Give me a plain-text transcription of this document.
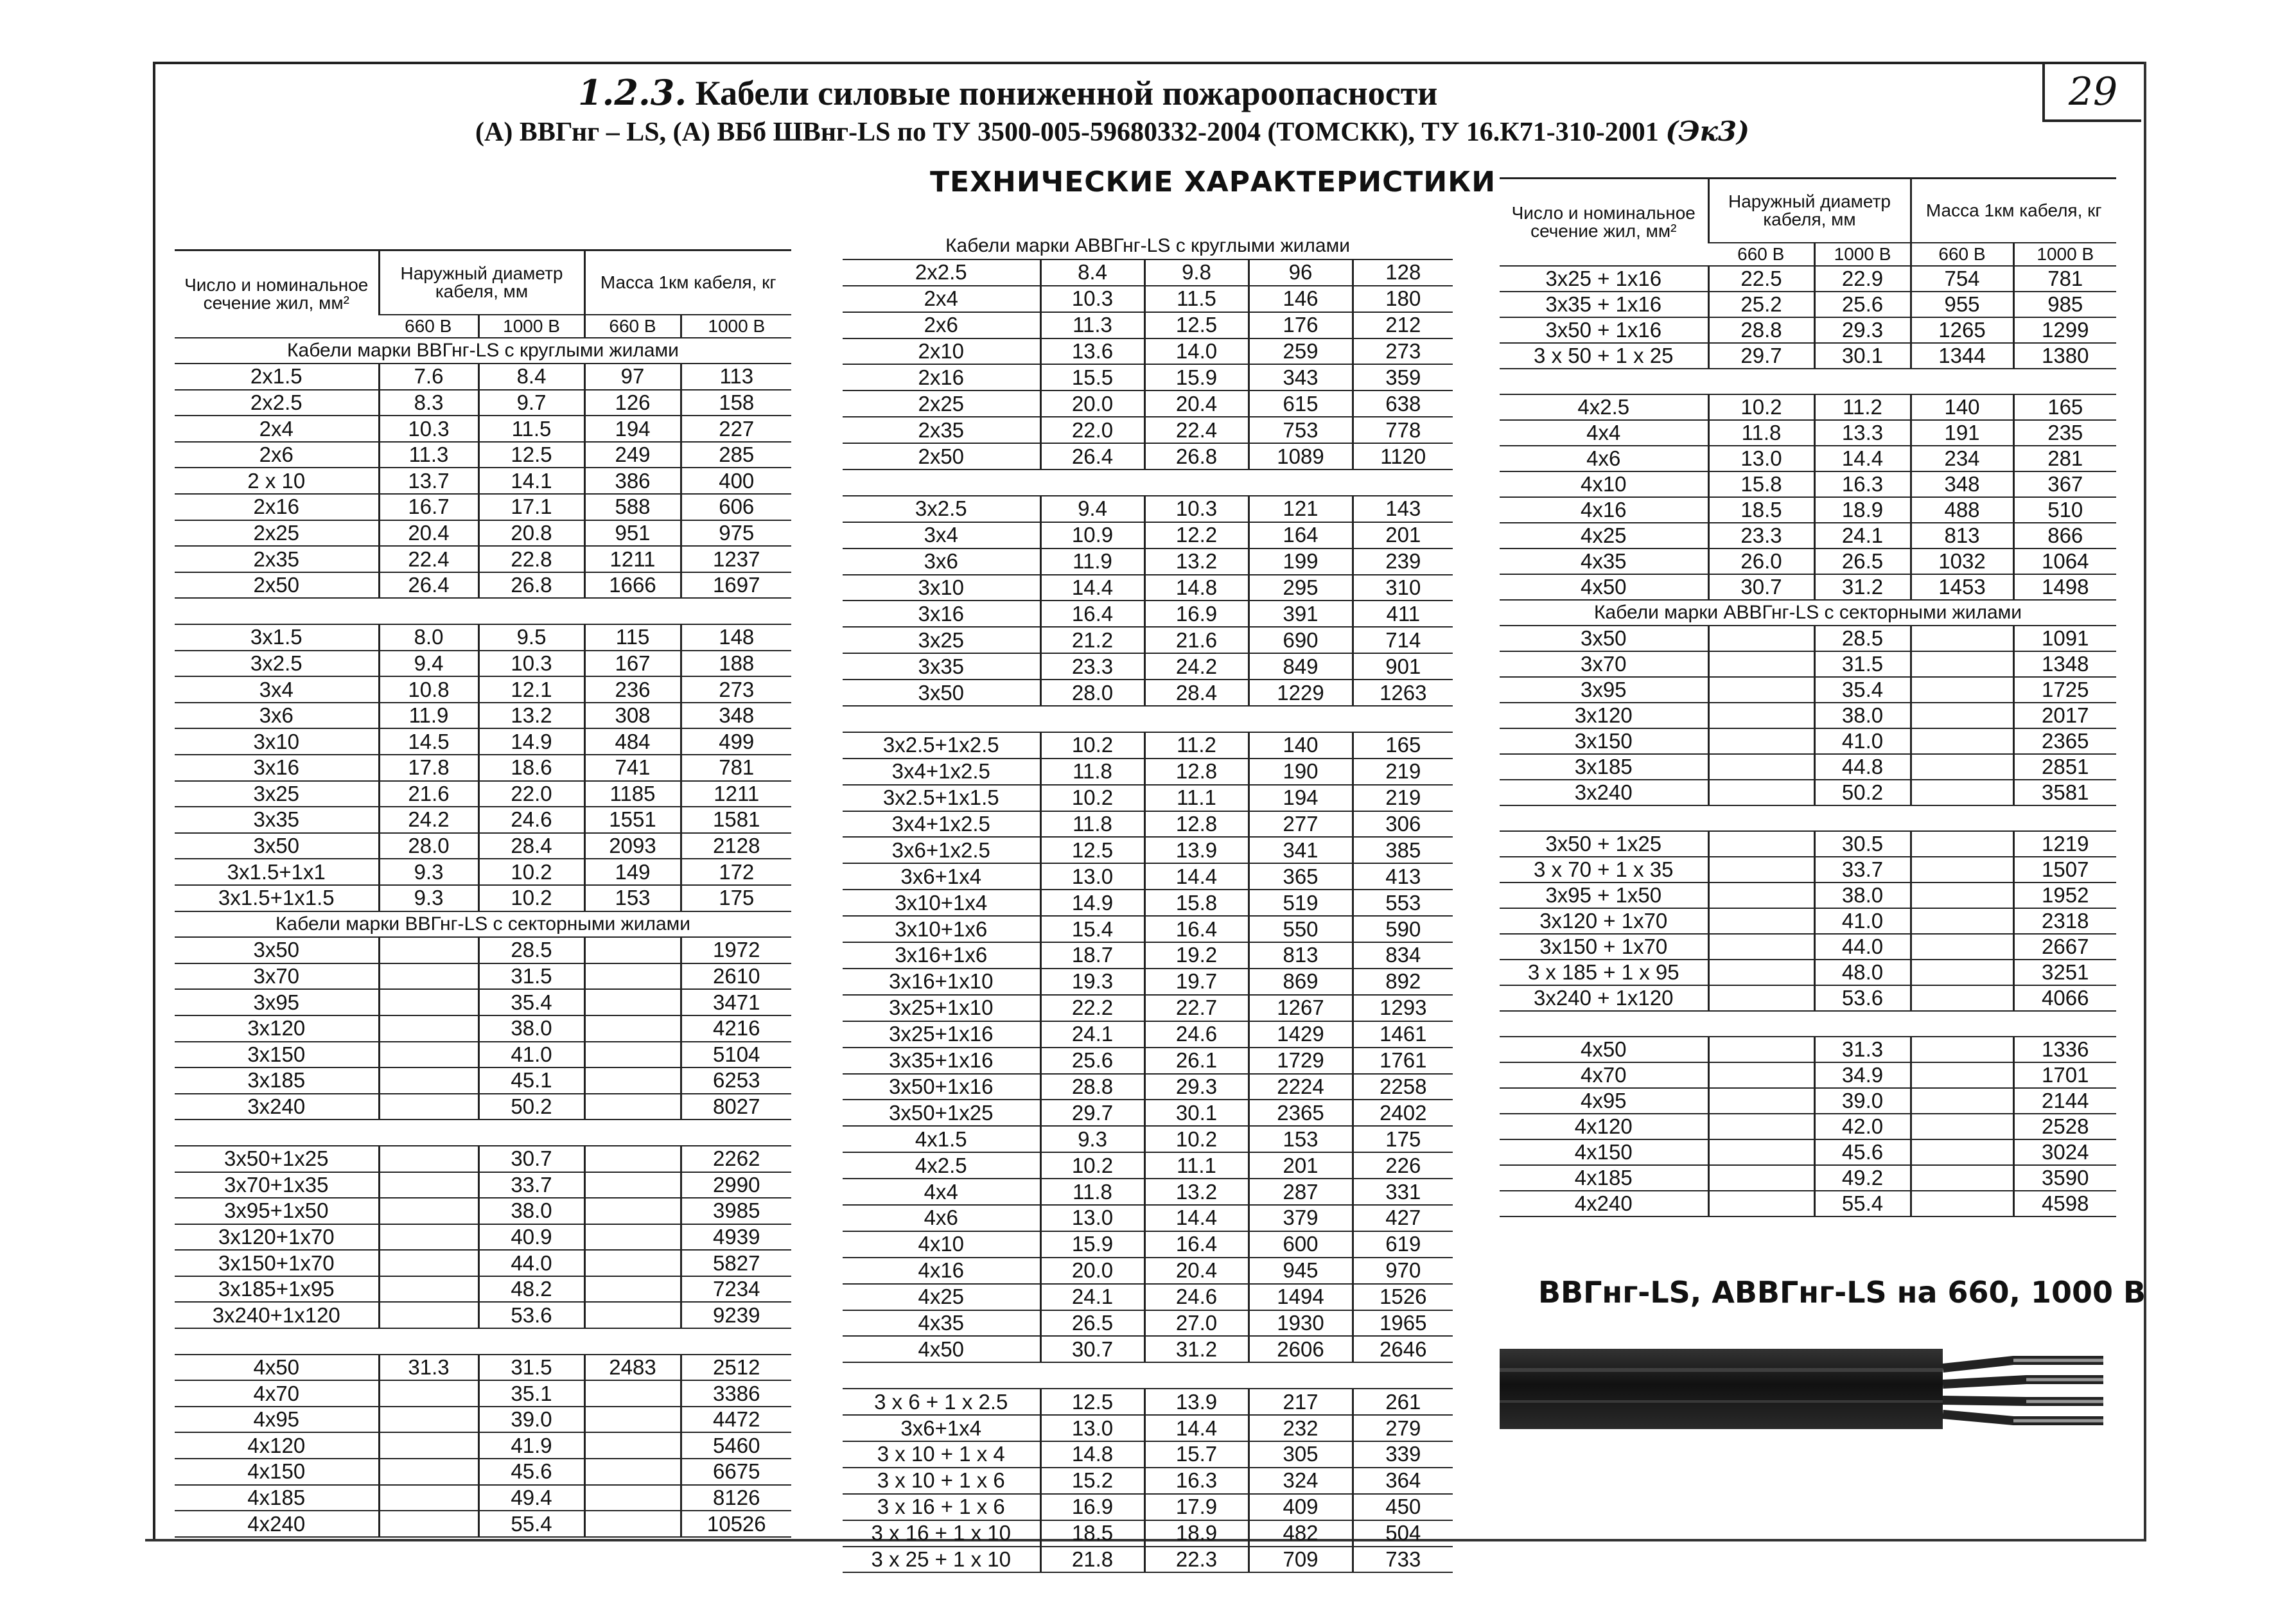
1.2.3. Кабели силовые пониженной пожароопасности
(А) ВВГнг – LS, (А) ВБб ШВнг-LS по ТУ 3500-005-59680332-2004 (ТОМСКК), ТУ 16.К71-310-2001 (Эк3)
29
ТЕХНИЧЕСКИЕ ХАРАКТЕРИСТИКИ
Число и номинальное сечение жил, мм²	Наружный диаметр кабеля, мм		Масса 1км кабеля, кг	
	660 В	1000 В	660 В	1000 В
Кабели марки ВВГнг-LS с круглыми жилами				
2x1.5	7.6	8.4	97	113
2x2.5	8.3	9.7	126	158
2x4	10.3	11.5	194	227
2x6	11.3	12.5	249	285
2 x 10	13.7	14.1	386	400
2x16	16.7	17.1	588	606
2x25	20.4	20.8	951	975
2x35	22.4	22.8	1211	1237
2x50	26.4	26.8	1666	1697

3x1.5	8.0	9.5	115	148
3x2.5	9.4	10.3	167	188
3x4	10.8	12.1	236	273
3x6	11.9	13.2	308	348
3x10	14.5	14.9	484	499
3x16	17.8	18.6	741	781
3x25	21.6	22.0	1185	1211
3x35	24.2	24.6	1551	1581
3x50	28.0	28.4	2093	2128
3x1.5+1x1	9.3	10.2	149	172
3x1.5+1x1.5	9.3	10.2	153	175
Кабели марки ВВГнг-LS с секторными жилами				
3x50		28.5		1972
3x70		31.5		2610
3x95		35.4		3471
3x120		38.0		4216
3x150		41.0		5104
3x185		45.1		6253
3x240		50.2		8027

3x50+1x25		30.7		2262
3x70+1x35		33.7		2990
3x95+1x50		38.0		3985
3x120+1x70		40.9		4939
3x150+1x70		44.0		5827
3x185+1x95		48.2		7234
3x240+1x120		53.6		9239

4x50	31.3	31.5	2483	2512
4x70		35.1		3386
4x95		39.0		4472
4x120		41.9		5460
4x150		45.6		6675
4x185		49.4		8126
4x240		55.4		10526
Кабели марки АВВГнг-LS с круглыми жилами				
2x2.5	8.4	9.8	96	128
2x4	10.3	11.5	146	180
2x6	11.3	12.5	176	212
2x10	13.6	14.0	259	273
2x16	15.5	15.9	343	359
2x25	20.0	20.4	615	638
2x35	22.0	22.4	753	778
2x50	26.4	26.8	1089	1120

3x2.5	9.4	10.3	121	143
3x4	10.9	12.2	164	201
3x6	11.9	13.2	199	239
3x10	14.4	14.8	295	310
3x16	16.4	16.9	391	411
3x25	21.2	21.6	690	714
3x35	23.3	24.2	849	901
3x50	28.0	28.4	1229	1263

3x2.5+1x2.5	10.2	11.2	140	165
3x4+1x2.5	11.8	12.8	190	219
3x2.5+1x1.5	10.2	11.1	194	219
3x4+1x2.5	11.8	12.8	277	306
3x6+1x2.5	12.5	13.9	341	385
3x6+1x4	13.0	14.4	365	413
3x10+1x4	14.9	15.8	519	553
3x10+1x6	15.4	16.4	550	590
3x16+1x6	18.7	19.2	813	834
3x16+1x10	19.3	19.7	869	892
3x25+1x10	22.2	22.7	1267	1293
3x25+1x16	24.1	24.6	1429	1461
3x35+1x16	25.6	26.1	1729	1761
3x50+1x16	28.8	29.3	2224	2258
3x50+1x25	29.7	30.1	2365	2402
4x1.5	9.3	10.2	153	175
4x2.5	10.2	11.1	201	226
4x4	11.8	13.2	287	331
4x6	13.0	14.4	379	427
4x10	15.9	16.4	600	619
4x16	20.0	20.4	945	970
4x25	24.1	24.6	1494	1526
4x35	26.5	27.0	1930	1965
4x50	30.7	31.2	2606	2646

3 x 6 + 1 x 2.5	12.5	13.9	217	261
3x6+1x4	13.0	14.4	232	279
3 x 10 + 1 x 4	14.8	15.7	305	339
3 x 10 + 1 x 6	15.2	16.3	324	364
3 x 16 + 1 x 6	16.9	17.9	409	450
3 x 16 + 1 x 10	18.5	18.9	482	504
3 x 25 + 1 x 10	21.8	22.3	709	733
Число и номинальное сечение жил, мм²	Наружный диаметр кабеля, мм		Масса 1км кабеля, кг	
	660 В	1000 В	660 В	1000 В
3x25 + 1x16	22.5	22.9	754	781
3x35 + 1x16	25.2	25.6	955	985
3x50 + 1x16	28.8	29.3	1265	1299
3 x 50 + 1 x 25	29.7	30.1	1344	1380

4x2.5	10.2	11.2	140	165
4x4	11.8	13.3	191	235
4x6	13.0	14.4	234	281
4x10	15.8	16.3	348	367
4x16	18.5	18.9	488	510
4x25	23.3	24.1	813	866
4x35	26.0	26.5	1032	1064
4x50	30.7	31.2	1453	1498
Кабели марки АВВГнг-LS с секторными жилами				
3x50		28.5		1091
3x70		31.5		1348
3x95		35.4		1725
3x120		38.0		2017
3x150		41.0		2365
3x185		44.8		2851
3x240		50.2		3581

3x50 + 1x25		30.5		1219
3 x 70 + 1 x 35		33.7		1507
3x95 + 1x50		38.0		1952
3x120 + 1x70		41.0		2318
3x150 + 1x70		44.0		2667
3 x 185 + 1 x 95		48.0		3251
3x240 + 1x120		53.6		4066

4x50		31.3		1336
4x70		34.9		1701
4x95		39.0		2144
4x120		42.0		2528
4x150		45.6		3024
4x185		49.2		3590
4x240		55.4		4598
ВВГнг-LS, АВВГнг-LS на 660, 1000 В
